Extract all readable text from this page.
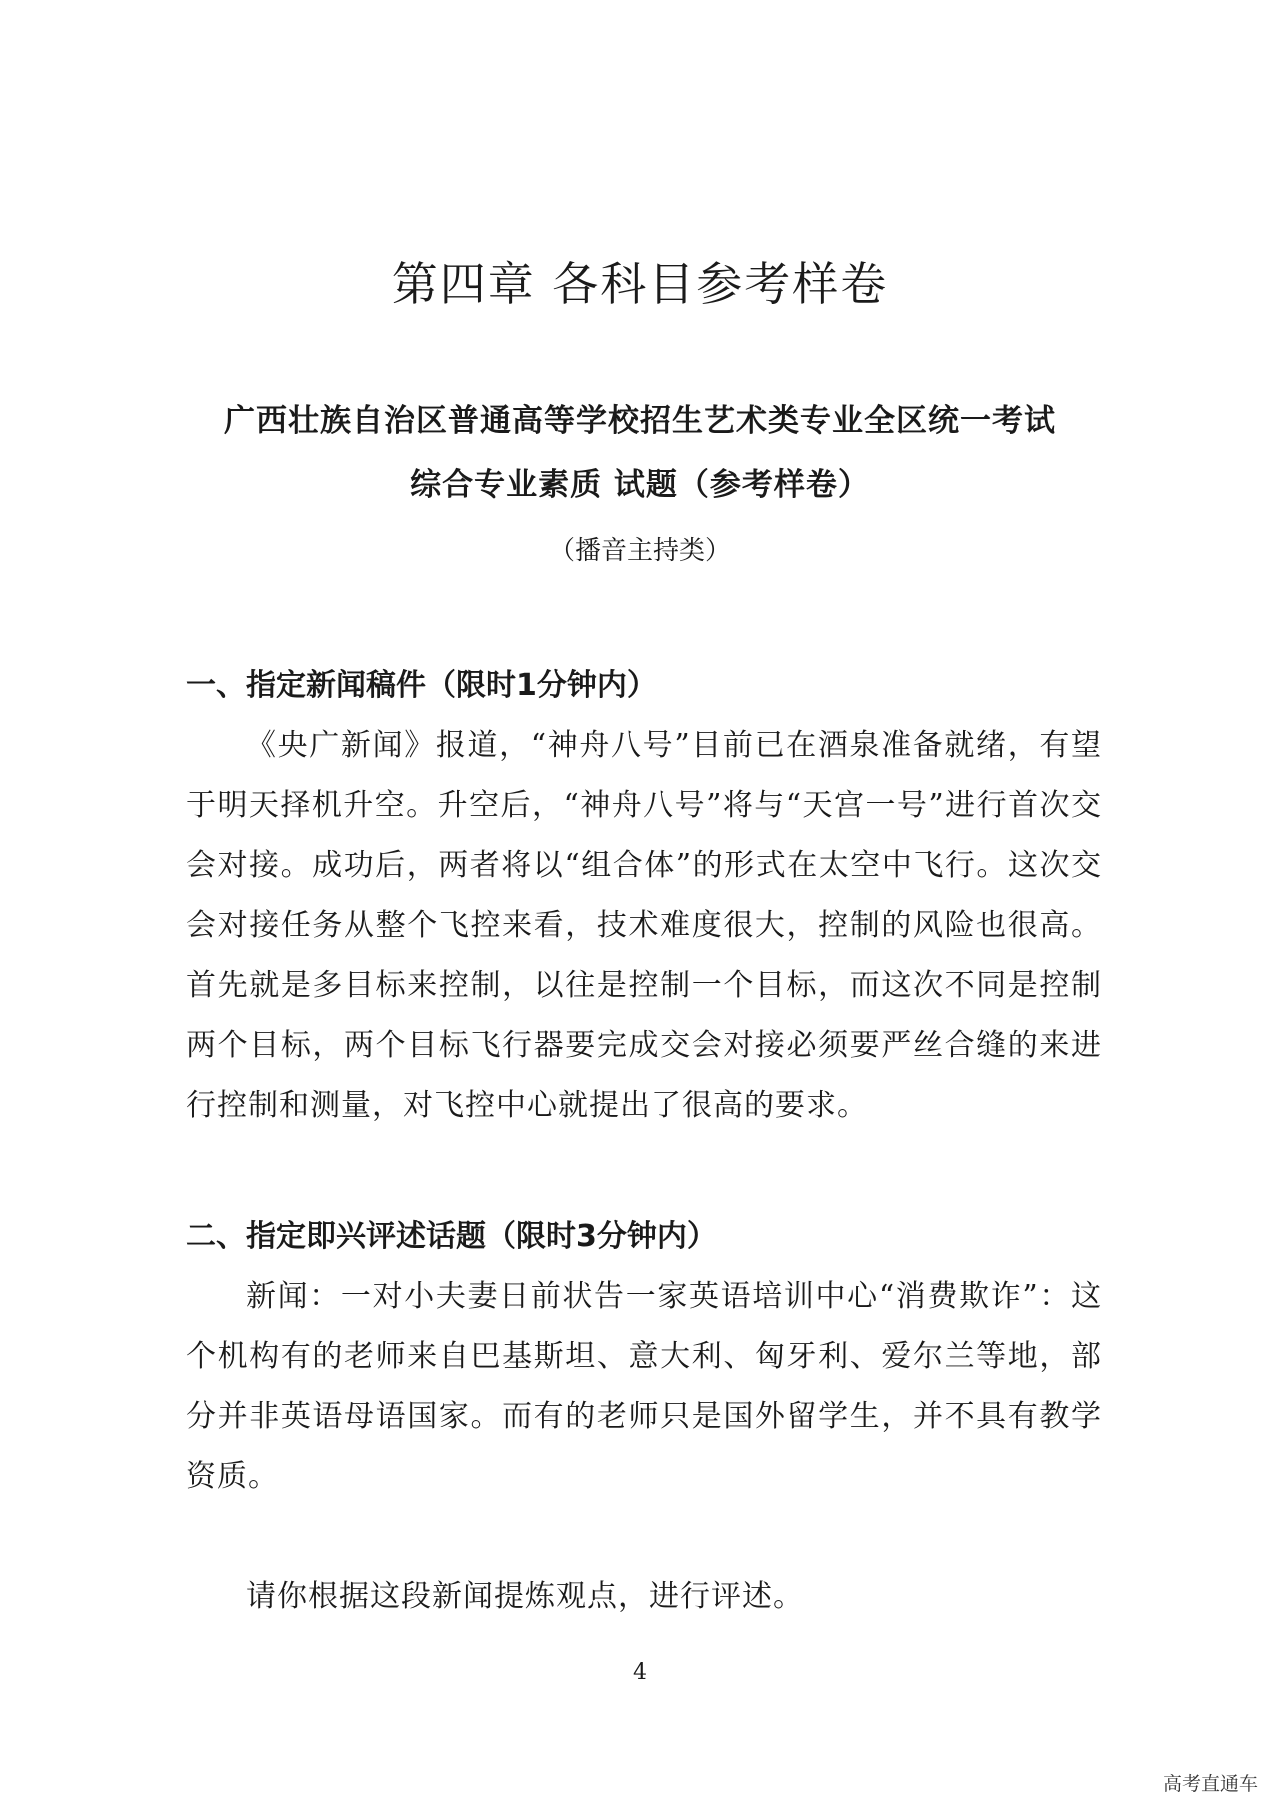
第四章 各科目参考样卷
广西壮族自治区普通高等学校招生艺术类专业全区统一考试
综合专业素质 试题（参考样卷）

（播音主持类）

一、指定新闻稿件（限时1分钟内）

《央广新闻》报道，“神舟八号”目前已在酒泉准备就绪，有望于明天择机升空。升空后，“神舟八号”将与“天宫一号”进行首次交会对接。成功后，两者将以“组合体”的形式在太空中飞行。这次交会对接任务从整个飞控来看，技术难度很大，控制的风险也很高。首先就是多目标来控制，以往是控制一个目标，而这次不同是控制两个目标，两个目标飞行器要完成交会对接必须要严丝合缝的来进行控制和测量，对飞控中心就提出了很高的要求。

二、指定即兴评述话题（限时3分钟内）

新闻：一对小夫妻日前状告一家英语培训中心“消费欺诈”：这个机构有的老师来自巴基斯坦、意大利、匈牙利、爱尔兰等地，部分并非英语母语国家。而有的老师只是国外留学生，并不具有教学资质。

请你根据这段新闻提炼观点，进行评述。

4

高考直通车
